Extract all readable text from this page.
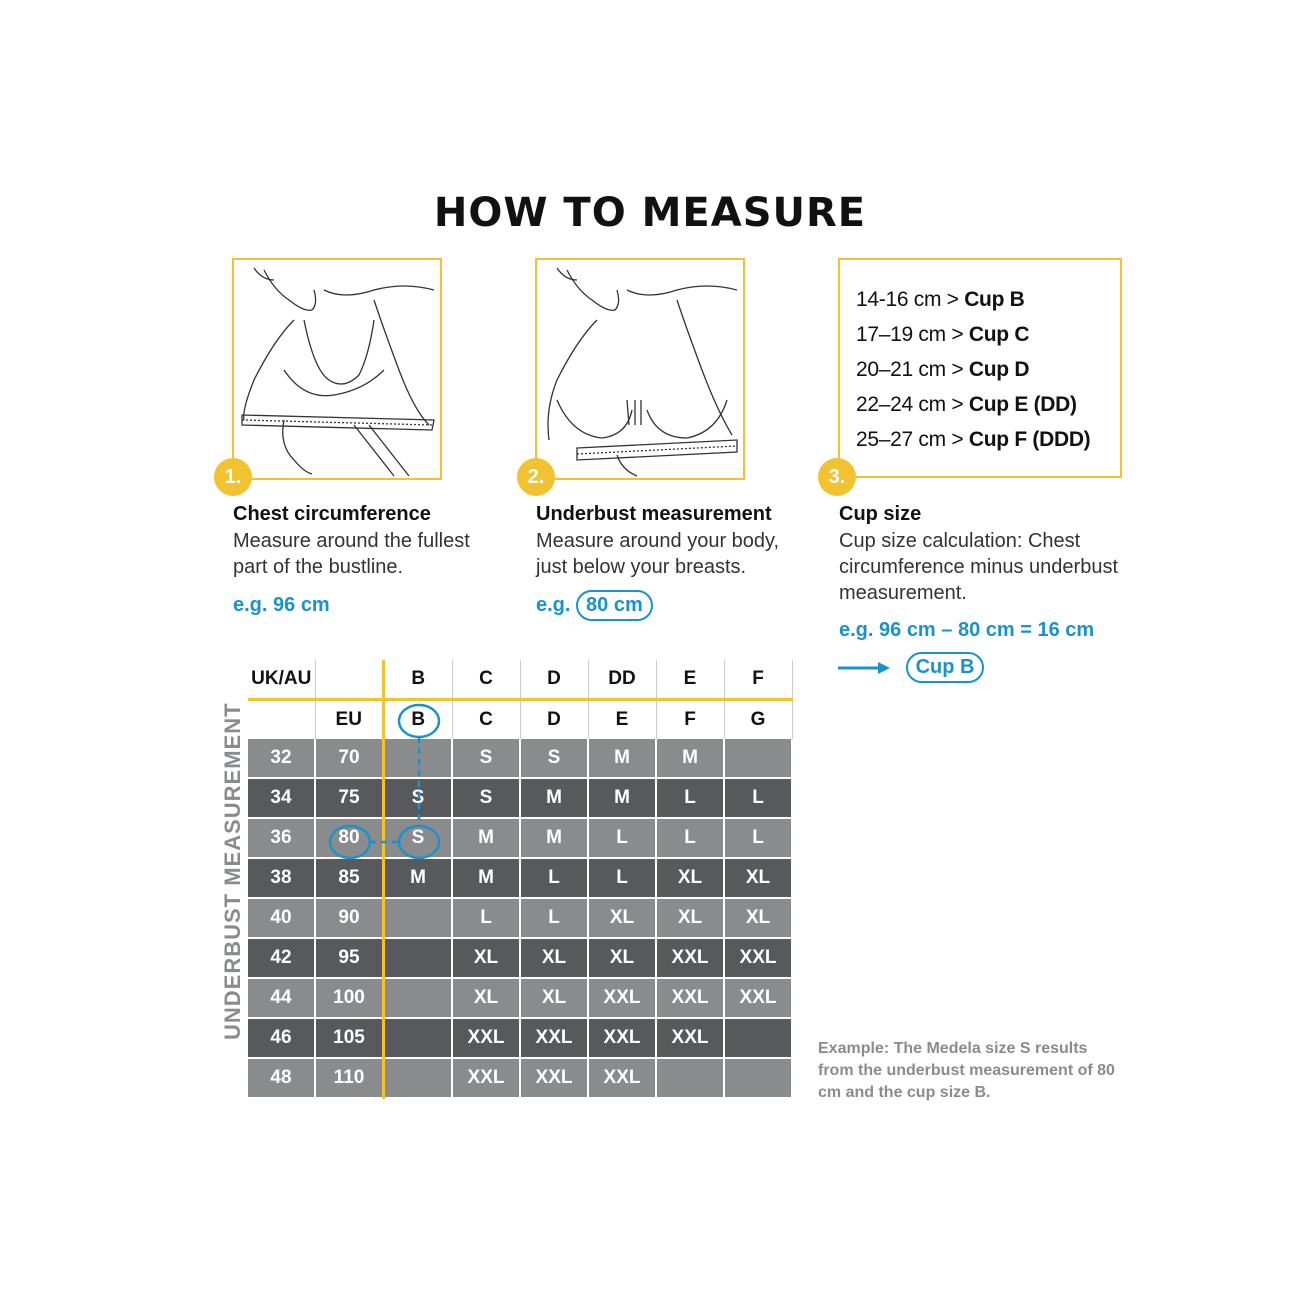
HOW TO MEASURE
1.	2.
14-16 cm > Cup B
17–19 cm > Cup C
20–21 cm > Cup D
22–24 cm > Cup E (DD)
25–27 cm > Cup F (DDD)
3.
Chest circumference
Measure around the fullest
part of the bustline.
e.g. 96 cm
Underbust measurement
Measure around your body,
just below your breasts.
e.g. 80 cm
Cup size
Cup size calculation: Chest
circumference minus underbust
measurement.
e.g. 96 cm – 80 cm = 16 cm
Cup B
UK/AU		B	C	D	DD	E	F
	EU	B	C	D	E	F	G
32	70		S	S	M	M	
34	75	S	S	M	M	L	L
36	80	S	M	M	L	L	L
38	85	M	M	L	L	XL	XL
40	90		L	L	XL	XL	XL
42	95		XL	XL	XL	XXL	XXL
44	100		XL	XL	XXL	XXL	XXL
46	105		XXL	XXL	XXL	XXL	
48	110		XXL	XXL	XXL		
UNDERBUST MEASUREMENT
Example: The Medela size S results from the underbust measurement of 80 cm and the cup size B.
